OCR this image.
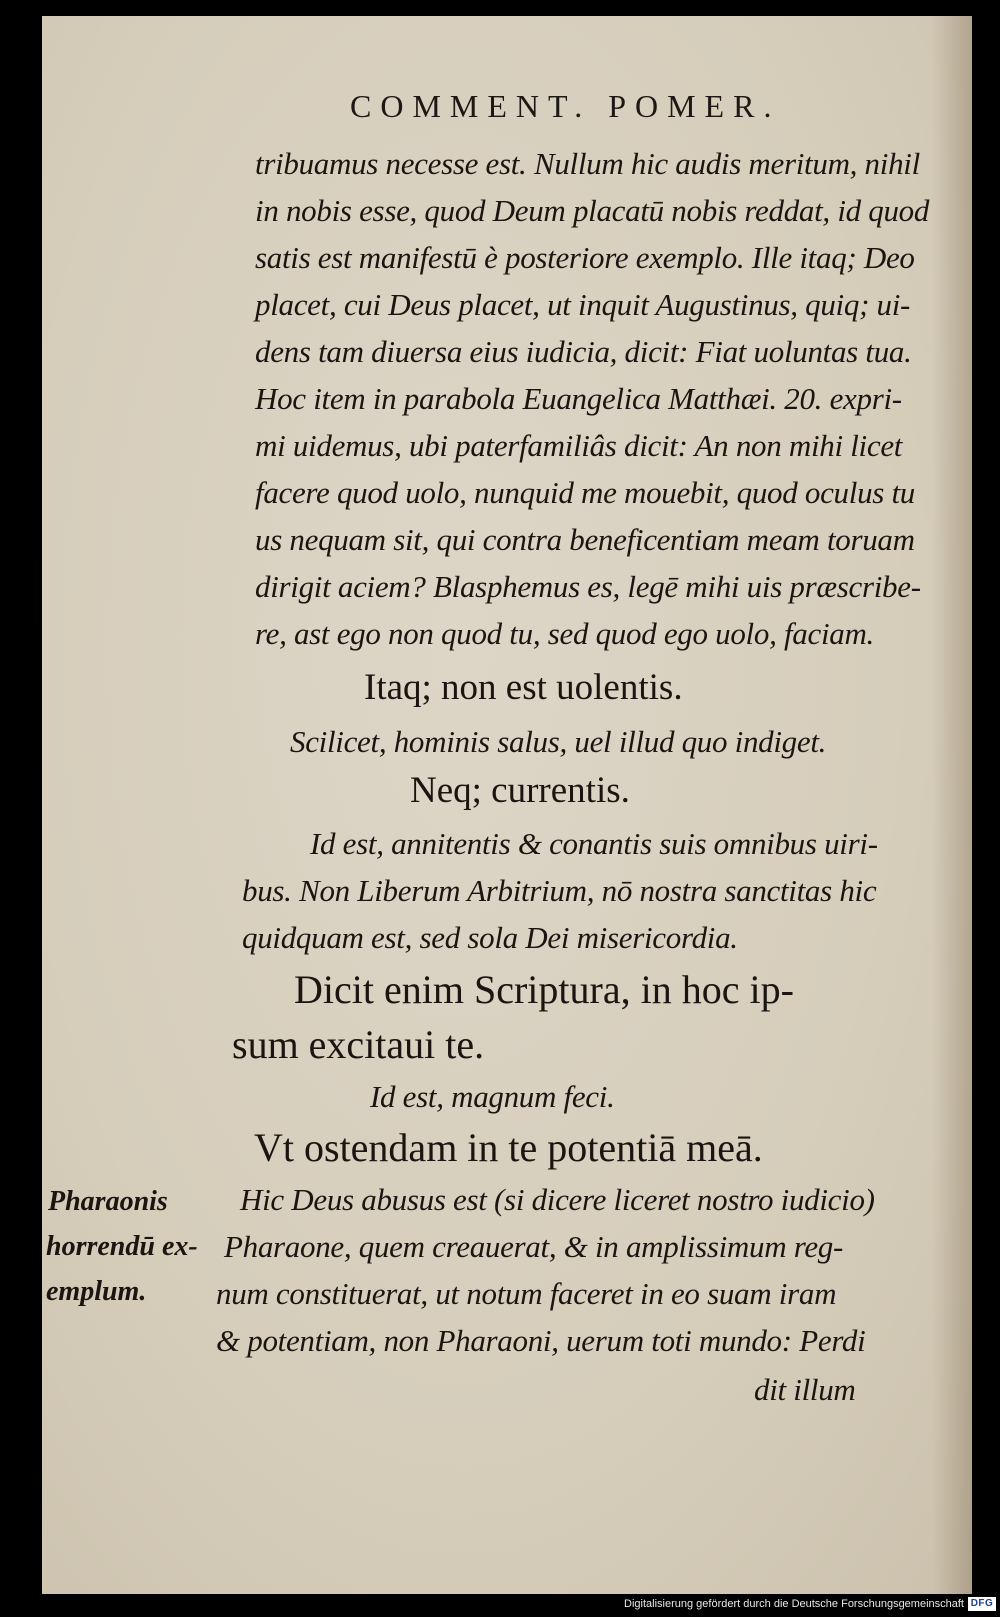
COMMENT. POMER.
tribuamus necesse est. Nullum hic audis meritum, nihil
in nobis esse, quod Deum placatū nobis reddat, id quod
satis est manifestū è posteriore exemplo. Ille itaq; Deo
placet, cui Deus placet, ut inquit Augustinus, quiq; ui-
dens tam diuersa eius iudicia, dicit: Fiat uoluntas tua.
Hoc item in parabola Euangelica Matthæi. 20. expri-
mi uidemus, ubi paterfamiliâs dicit: An non mihi licet
facere quod uolo, nunquid me mouebit, quod oculus tu
us nequam sit, qui contra beneficentiam meam toruam
dirigit aciem? Blasphemus es, legē mihi uis præscribe-
re, ast ego non quod tu, sed quod ego uolo, faciam.
Itaq; non est uolentis.
Scilicet, hominis salus, uel illud quo indiget.
Neq; currentis.
Id est, annitentis & conantis suis omnibus uiri-
bus. Non Liberum Arbitrium, nō nostra sanctitas hic
quidquam est, sed sola Dei misericordia.
Dicit enim Scriptura, in hoc ip-
sum excitaui te.
Id est, magnum feci.
Vt ostendam in te potentiā meā.
Hic Deus abusus est (si dicere liceret nostro iudicio)
Pharaone, quem creauerat, & in amplissimum reg-
num constituerat, ut notum faceret in eo suam iram
& potentiam, non Pharaoni, uerum toti mundo: Perdi
dit illum
Pharaonis
horrendū ex-
emplum.
Digitalisierung gefördert durch die Deutsche Forschungsgemeinschaft DFG
